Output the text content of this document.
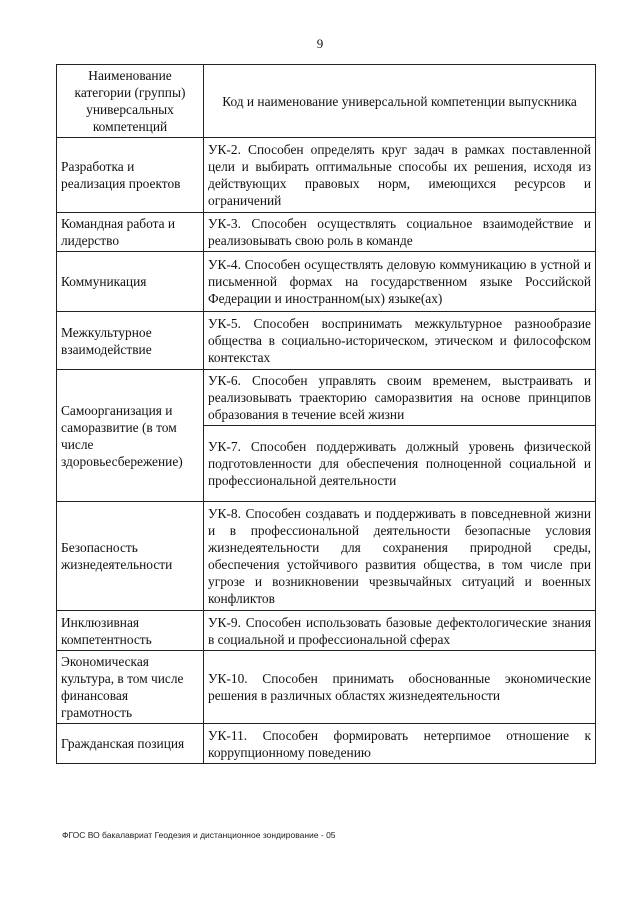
9
Наименование категории (группы) универсальных компетенций	Код и наименование универсальной компетенции выпускника
Разработка и реализация проектов	УК-2. Способен определять круг задач в рамках поставленной цели и выбирать оптимальные способы их решения, исходя из действующих правовых норм, имеющихся ресурсов и ограничений
Командная работа и лидерство	УК-3. Способен осуществлять социальное взаимодействие и реализовывать свою роль в команде
Коммуникация	УК-4. Способен осуществлять деловую коммуникацию в устной и письменной формах на государственном языке Российской Федерации и иностранном(ых) языке(ах)
Межкультурное взаимодействие	УК-5. Способен воспринимать межкультурное разнообразие общества в социально-историческом, этическом и философском контекстах
Самоорганизация и саморазвитие (в том числе здоровьесбережение)	УК-6. Способен управлять своим временем, выстраивать и реализовывать траекторию саморазвития на основе принципов образования в течение всей жизни
	УК-7. Способен поддерживать должный уровень физической подготовленности для обеспечения полноценной социальной и профессиональной деятельности
Безопасность жизнедеятельности	УК-8. Способен создавать и поддерживать в повседневной жизни и в профессиональной деятельности безопасные условия жизнедеятельности для сохранения природной среды, обеспечения устойчивого развития общества, в том числе при угрозе и возникновении чрезвычайных ситуаций и военных конфликтов
Инклюзивная компетентность	УК-9. Способен использовать базовые дефектологические знания в социальной и профессиональной сферах
Экономическая культура, в том числе финансовая грамотность	УК-10. Способен принимать обоснованные экономические решения в различных областях жизнедеятельности
Гражданская позиция	УК-11. Способен формировать нетерпимое отношение к коррупционному поведению
ФГОС ВО бакалавриат Геодезия и дистанционное зондирование - 05
